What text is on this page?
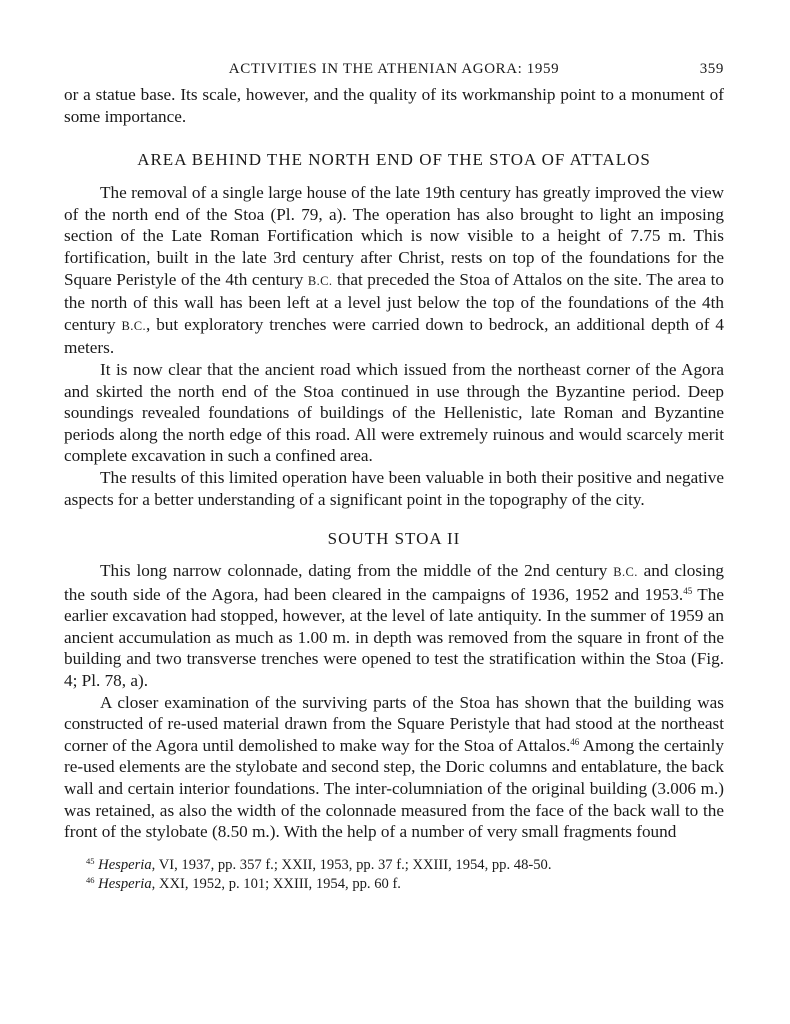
ACTIVITIES IN THE ATHENIAN AGORA: 1959	359

or a statue base. Its scale, however, and the quality of its workmanship point to a monument of some importance.

AREA BEHIND THE NORTH END OF THE STOA OF ATTALOS

The removal of a single large house of the late 19th century has greatly improved the view of the north end of the Stoa (Pl. 79, a). The operation has also brought to light an imposing section of the Late Roman Fortification which is now visible to a height of 7.75 m. This fortification, built in the late 3rd century after Christ, rests on top of the foundations for the Square Peristyle of the 4th century B.C. that preceded the Stoa of Attalos on the site. The area to the north of this wall has been left at a level just below the top of the foundations of the 4th century B.C., but exploratory trenches were carried down to bedrock, an additional depth of 4 meters.

It is now clear that the ancient road which issued from the northeast corner of the Agora and skirted the north end of the Stoa continued in use through the Byzantine period. Deep soundings revealed foundations of buildings of the Hellenistic, late Roman and Byzantine periods along the north edge of this road. All were extremely ruinous and would scarcely merit complete excavation in such a confined area.

The results of this limited operation have been valuable in both their positive and negative aspects for a better understanding of a significant point in the topography of the city.

SOUTH STOA II

This long narrow colonnade, dating from the middle of the 2nd century B.C. and closing the south side of the Agora, had been cleared in the campaigns of 1936, 1952 and 1953.45 The earlier excavation had stopped, however, at the level of late antiquity. In the summer of 1959 an ancient accumulation as much as 1.00 m. in depth was removed from the square in front of the building and two transverse trenches were opened to test the stratification within the Stoa (Fig. 4; Pl. 78, a).

A closer examination of the surviving parts of the Stoa has shown that the building was constructed of re-used material drawn from the Square Peristyle that had stood at the northeast corner of the Agora until demolished to make way for the Stoa of Attalos.$^{46}$ Among the certainly re-used elements are the stylobate and second step, the Doric columns and entablature, the back wall and certain interior foundations. The inter-columniation of the original building (3.006 m.) was retained, as also the width of the colonnade measured from the face of the back wall to the front of the stylobate (8.50 m.). With the help of a number of very small fragments found

$^{45}$ Hesperia, VI, 1937, pp. 357 f.; XXII, 1953, pp. 37 f.; XXIII, 1954, pp. 48-50.
$^{46}$ Hesperia, XXI, 1952, p. 101; XXIII, 1954, pp. 60 f.
